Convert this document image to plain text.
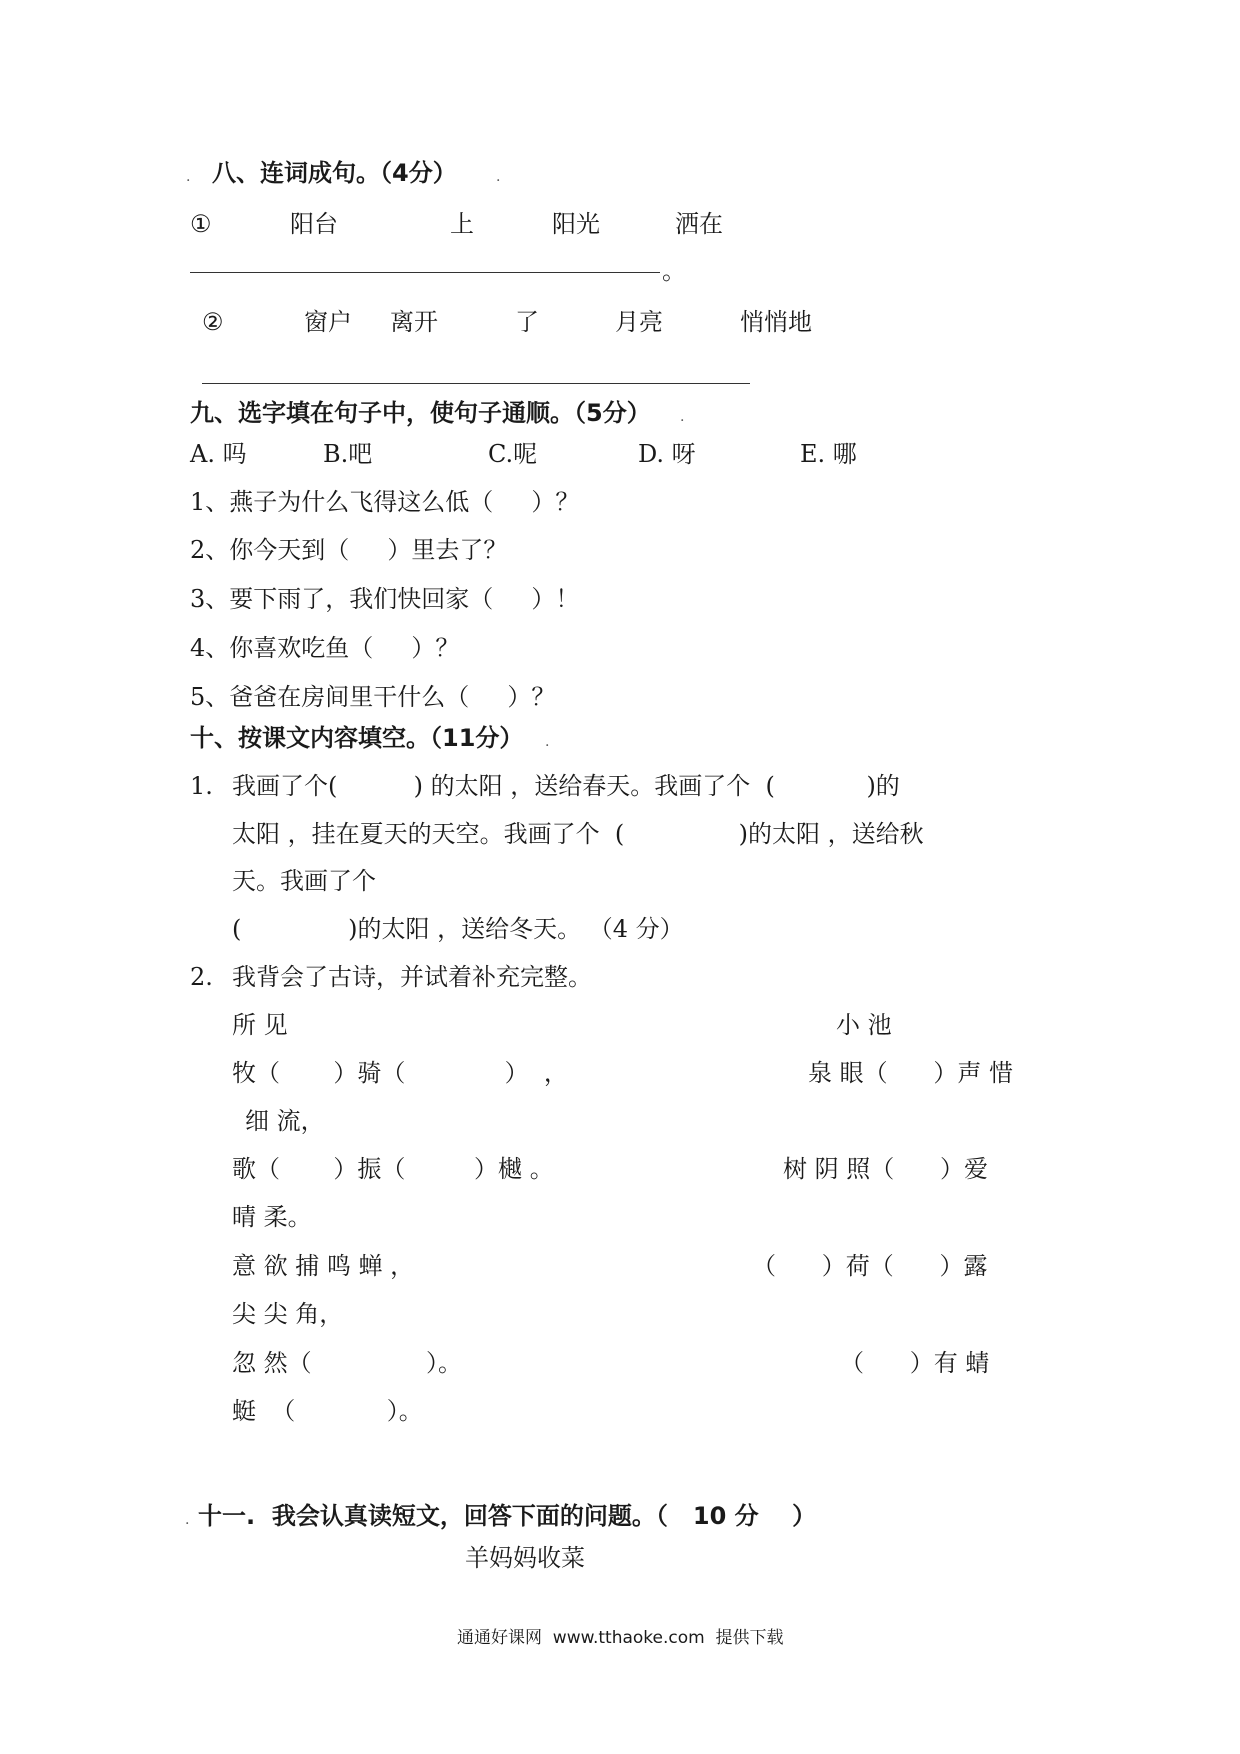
. 八、连词成句。（4分）	.
①	阳台	上	阳光	洒在
。
②	窗户 离开	了	月亮	悄悄地
九、选字填在句子中，使句子通顺。（5分） .
A. 吗	B.吧	C.呢	D. 呀	E. 哪
1、燕子为什么飞得这么低（     ）？
2、你今天到（     ）里去了？
3、要下雨了，我们快回家（     ）！
4、你喜欢吃鱼（     ）？
5、爸爸在房间里干什么（     ）？
十、按课文内容填空。（11分） .
1. 我画了个(          ) 的太阳 ，送给春天。我画了个  (            )的
太阳 ，挂在夏天的天空。我画了个  (               )的太阳 ，送给秋
天。我画了个
(              )的太阳 ，送给冬天。 （4 分）
2. 我背会了古诗，并试着补充完整。
所 见	小 池
牧（       ）骑（             ）  ，	泉 眼（      ）声 惜
细 流，
歌（       ）振（         ）樾 。	树 阴 照（      ）爱
晴 柔。
意 欲 捕 鸣 蝉 ，	（      ）荷（      ）露
尖 尖 角，
忽 然（               ）。	（      ）有 蜻
蜓  （            ）。
. 十一.  我会认真读短文，回答下面的问题。（   10 分    ）
羊妈妈收菜
通通好课网  www.tthaoke.com  提供下载
